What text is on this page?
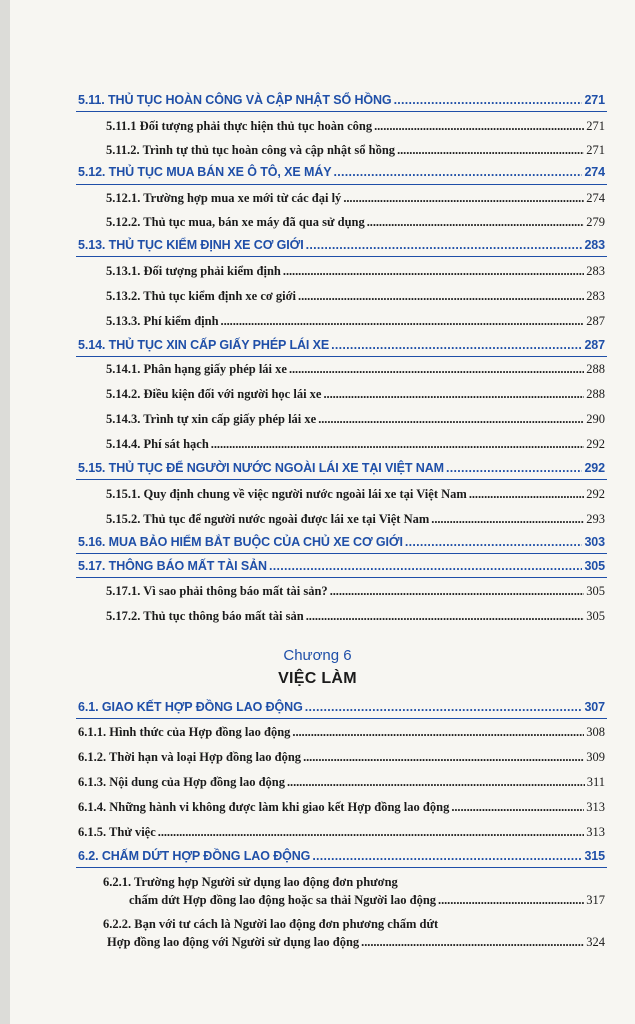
5.11. THỦ TỤC HOÀN CÔNG VÀ CẬP NHẬT SỔ HỒNG . . .	271
5.11.1 Đối tượng phải thực hiện thủ tục hoàn công . . .	271
5.11.2. Trình tự thủ tục hoàn công và cập nhật sổ hồng . . .	271
5.12. THỦ TỤC MUA BÁN XE Ô TÔ, XE MÁY . . .	274
5.12.1. Trường hợp mua xe mới từ các đại lý . . .	274
5.12.2. Thủ tục mua, bán xe máy đã qua sử dụng . . .	279
5.13. THỦ TỤC KIỂM ĐỊNH XE CƠ GIỚI . . .	283
5.13.1. Đối tượng phải kiểm định . . .	283
5.13.2. Thủ tục kiểm định xe cơ giới . . .	283
5.13.3. Phí kiểm định . . .	287
5.14. THỦ TỤC XIN CẤP GIẤY PHÉP LÁI XE . . .	287
5.14.1. Phân hạng giấy phép lái xe . . .	288
5.14.2. Điều kiện đối với người học lái xe . . .	288
5.14.3. Trình tự xin cấp giấy phép lái xe . . .	290
5.14.4. Phí sát hạch . . .	292
5.15. THỦ TỤC ĐỂ NGƯỜI NƯỚC NGOÀI LÁI XE TẠI VIỆT NAM . . .	292
5.15.1. Quy định chung về việc người nước ngoài lái xe tại Việt Nam . . .	292
5.15.2. Thủ tục để người nước ngoài được lái xe tại Việt Nam . . .	293
5.16. MUA BẢO HIỂM BẮT BUỘC CỦA CHỦ XE CƠ GIỚI . . .	303
5.17. THÔNG BÁO MẤT TÀI SẢN . . .	305
5.17.1. Vì sao phải thông báo mất tài sản? . . .	305
5.17.2. Thủ tục thông báo mất tài sản . . .	305
Chương 6
VIỆC LÀM
6.1. GIAO KẾT HỢP ĐỒNG LAO ĐỘNG . . .	307
6.1.1. Hình thức của Hợp đồng lao động . . .	308
6.1.2. Thời hạn và loại Hợp đồng lao động . . .	309
6.1.3. Nội dung của Hợp đồng lao động . . .	311
6.1.4. Những hành vi không được làm khi giao kết Hợp đồng lao động . . .	313
6.1.5. Thử việc . . .	313
6.2. CHẤM DỨT HỢP ĐỒNG LAO ĐỘNG . . .	315
6.2.1. Trường hợp Người sử dụng lao động đơn phương
chấm dứt Hợp đồng lao động hoặc sa thải Người lao động . . .	317
6.2.2. Bạn với tư cách là Người lao động đơn phương chấm dứt
Hợp đồng lao động với Người sử dụng lao động . . .	324
